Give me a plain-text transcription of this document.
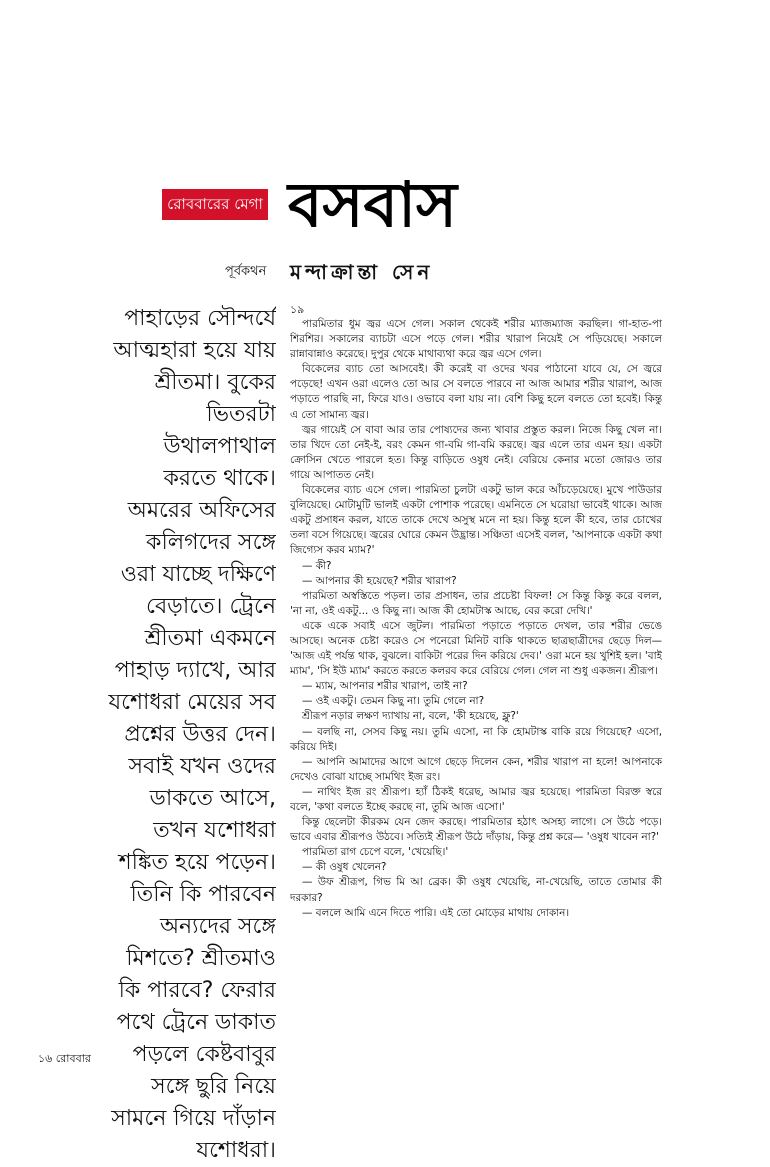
রোববারের মেগা বসবাস
পূর্বকথন মন্দাক্রান্তা সেন

পাহাড়ের সৌন্দর্যে আত্মহারা হয়ে যায় শ্রীতমা। বুকের ভিতরটা উথালপাথাল করতে থাকে। অমরের অফিসের কলিগদের সঙ্গে ওরা যাচ্ছে দক্ষিণে বেড়াতে। ট্রেনে শ্রীতমা একমনে পাহাড় দ্যাখে, আর যশোধরা মেয়ের সব প্রশ্নের উত্তর দেন। সবাই যখন ওদের ডাকতে আসে, তখন যশোধরা শঙ্কিত হয়ে পড়েন। তিনি কি পারবেন অন্যদের সঙ্গে মিশতে? শ্রীতমাও কি পারবে? ফেরার পথে ট্রেনে ডাকাত পড়লে কেষ্টবাবুর সঙ্গে ছুরি নিয়ে সামনে গিয়ে দাঁড়ান যশোধরা।

১৯

পারমিতার ধুম জ্বর এসে গেল। সকাল থেকেই শরীর ম্যাজম্যাজ করছিল। গা-হাত-পা শিরশির। সকালের ব্যাচটা এসে পড়ে গেল। শরীর খারাপ নিয়েই সে পড়িয়েছে। সকালে রান্নাবান্নাও করেছে। দুপুর থেকে মাথাব্যথা করে জ্বর এসে গেল।

বিকেলের ব্যাচ তো আসবেই। কী করেই বা ওদের খবর পাঠানো যাবে যে, সে জ্বরে পড়েছে! এখন ওরা এলেও তো আর সে বলতে পারবে না আজ আমার শরীর খারাপ, আজ পড়াতে পারছি না, ফিরে যাও। ওভাবে বলা যায় না। বেশি কিছু হলে বলতে তো হবেই। কিন্তু এ তো সামান্য জ্বর।

জ্বর গায়েই সে বাবা আর তার পোষ্যদের জন্য খাবার প্রস্তুত করল। নিজে কিছু খেল না। তার খিদে তো নেই-ই, বরং কেমন গা-বমি গা-বমি করছে। জ্বর এলে তার এমন হয়। একটা ক্রোসিন খেতে পারলে হত। কিন্তু বাড়িতে ওষুধ নেই। বেরিয়ে কেনার মতো জোরও তার গায়ে আপাতত নেই।

বিকেলের ব্যাচ এসে গেল। পারমিতা চুলটা একটু ভাল করে আঁচড়েয়েছে। মুখে পাউডার বুলিয়েছে। মোটামুটি ভালই একটা পোশাক পরেছে। এমনিতে সে ঘরোয়া ভাবেই থাকে। আজ একটু প্রসাধন করল, যাতে তাকে দেখে অসুস্থ মনে না হয়। কিন্তু হলে কী হবে, তার চোখের তলা বসে গিয়েছে। জ্বরের ঘোরে কেমন উদ্ভ্রান্ত। সঞ্চিতা এসেই বলল, 'আপনাকে একটা কথা জিগ্যেস করব ম্যাম?'

— কী?

— আপনার কী হয়েছে? শরীর খারাপ?

পারমিতা অস্বস্তিতে পড়ল। তার প্রসাধন, তার প্রচেষ্টা বিফল! সে কিন্তু কিন্তু করে বলল, 'না না, ওই একটু... ও কিছু না। আজ কী হোমটাস্ক আছে, বের করো দেখি।'

একে একে সবাই এসে জুটল। পারমিতা পড়াতে পড়াতে দেখল, তার শরীর ভেঙে আসছে। অনেক চেষ্টা করেও সে পনেরো মিনিট বাকি থাকতে ছাত্রছাত্রীদের ছেড়ে দিল— 'আজ এই পর্যন্ত থাক, বুঝলে। বাকিটা পরের দিন করিয়ে দেব।' ওরা মনে হয় খুশিই হল। 'বাই ম্যাম', 'সি ইউ ম্যাম' করতে করতে কলরব করে বেরিয়ে গেল। গেল না শুধু একজন। শ্রীরূপ।

— ম্যাম, আপনার শরীর খারাপ, তাই না?

— ওই একটু। তেমন কিছু না। তুমি গেলে না?

শ্রীরূপ নড়ার লক্ষণ দ্যাখায় না, বলে, 'কী হয়েছে, ফ্লু?'

— বলছি না, সেসব কিছু নয়। তুমি এসো, না কি হোমটাস্ক বাকি রয়ে গিয়েছে? এসো, করিয়ে দিই।

— আপনি আমাদের আগে আগে ছেড়ে দিলেন কেন, শরীর খারাপ না হলে! আপনাকে দেখেও বোঝা যাচ্ছে সামথিং ইজ রং।

— নাথিং ইজ রং শ্রীরূপ। হ্যাঁ ঠিকই ধরেছ, আমার জ্বর হয়েছে। পারমিতা বিরক্ত স্বরে বলে, 'কথা বলতে ইচ্ছে করছে না, তুমি আজ এসো।'

কিন্তু ছেলেটা কীরকম যেন জেদ করছে। পারমিতার হঠাৎ অসহ্য লাগে। সে উঠে পড়ে। ভাবে এবার শ্রীরূপও উঠবে। সত্যিই শ্রীরূপ উঠে দাঁড়ায়, কিন্তু প্রশ্ন করে— 'ওষুধ খাবেন না?'

পারমিতা রাগ চেপে বলে, 'খেয়েছি।'

— কী ওষুধ খেলেন?

— উফ শ্রীরূপ, গিভ মি আ ব্রেক। কী ওষুধ খেয়েছি, না-খেয়েছি, তাতে তোমার কী দরকার?

— বললে আমি এনে দিতে পারি। এই তো মোড়ের মাথায় দোকান।

১৬ রোববার
